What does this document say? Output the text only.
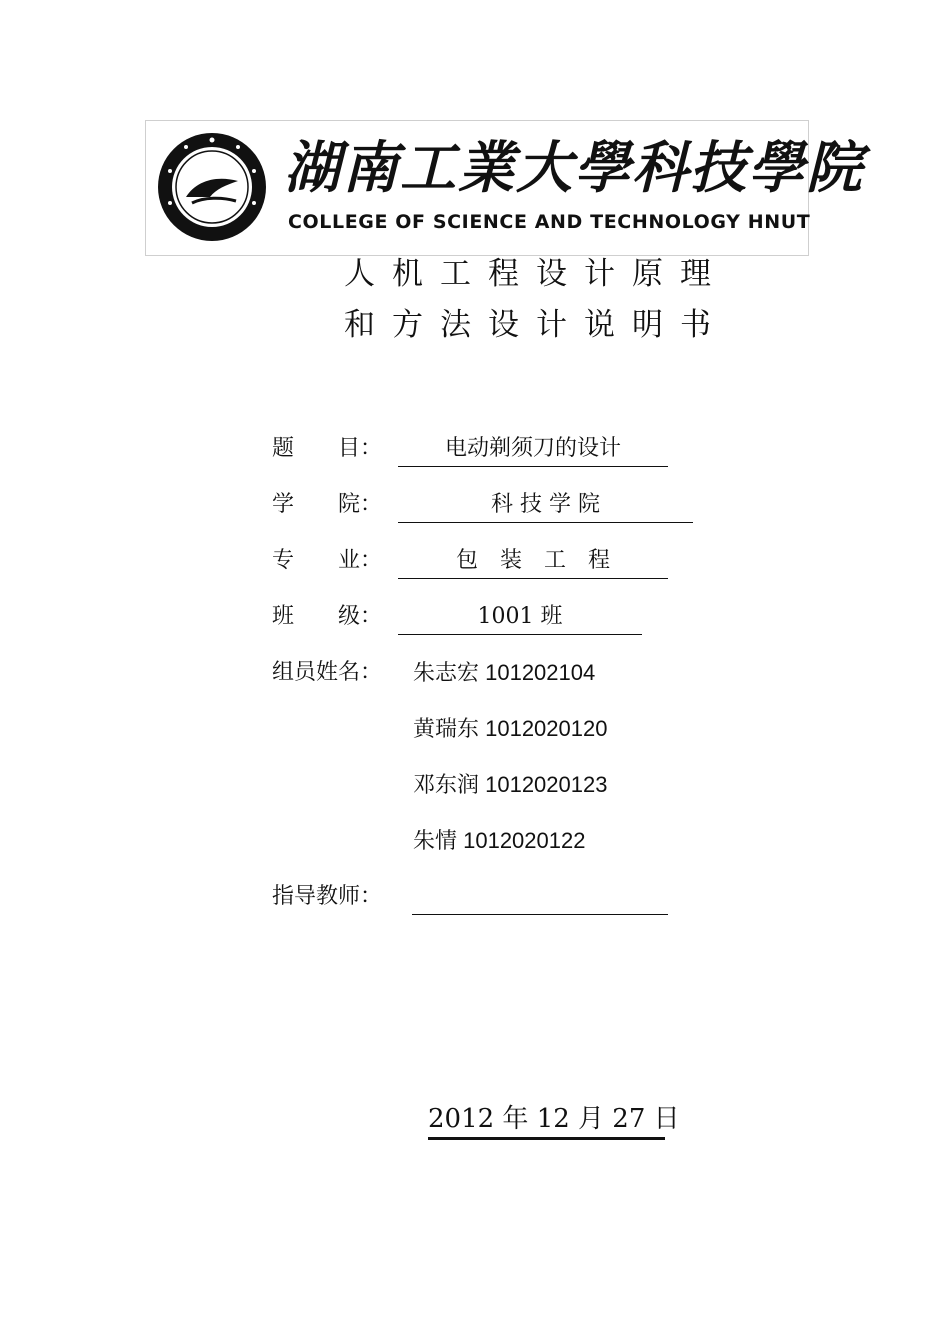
湖南工業大學科技學院
COLLEGE OF SCIENCE AND TECHNOLOGY HNUT
人机工程设计原理
和方法设计说明书
题　　目：	电动剃须刀的设计
学　　院：	科 技 学 院
专　　业：	包　装　工　程
班　　级：	1001 班
组员姓名： 朱志宏 101202104
黄瑞东 1012020120
邓东润 1012020123
朱情 1012020122
指导教师：
2012 年 12 月 27 日
